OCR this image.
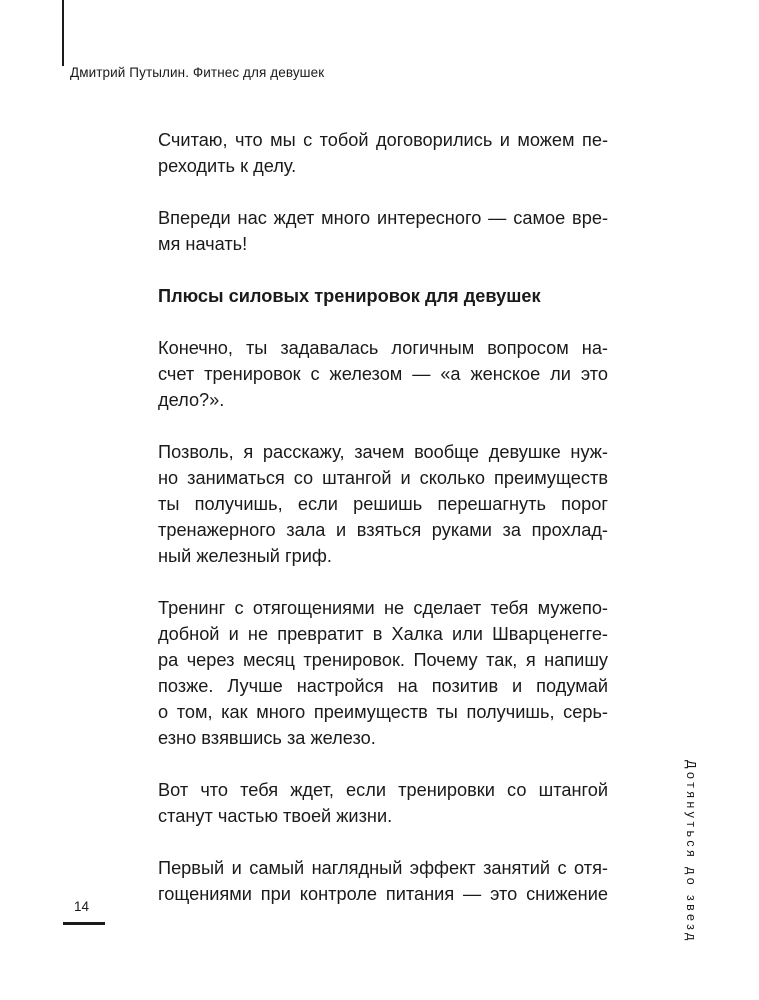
Дмитрий Путылин. Фитнес для девушек

Считаю, что мы с тобой договорились и можем пе-
реходить к делу.

Впереди нас ждет много интересного — самое вре-
мя начать!

Плюсы силовых тренировок для девушек

Конечно, ты задавалась логичным вопросом на-
счет тренировок с железом — «а женское ли это
дело?».

Позволь, я расскажу, зачем вообще девушке нуж-
но заниматься со штангой и сколько преимуществ
ты получишь, если решишь перешагнуть порог
тренажерного зала и взяться руками за прохлад-
ный железный гриф.

Тренинг с отягощениями не сделает тебя мужепо-
добной и не превратит в Халка или Шварценегге-
ра через месяц тренировок. Почему так, я напишу
позже. Лучше настройся на позитив и подумай
о том, как много преимуществ ты получишь, серь-
езно взявшись за железо.

Вот что тебя ждет, если тренировки со штангой
станут частью твоей жизни.

Первый и самый наглядный эффект занятий с отя-
гощениями при контроле питания — это снижение	Дотянуться до звезд
14
